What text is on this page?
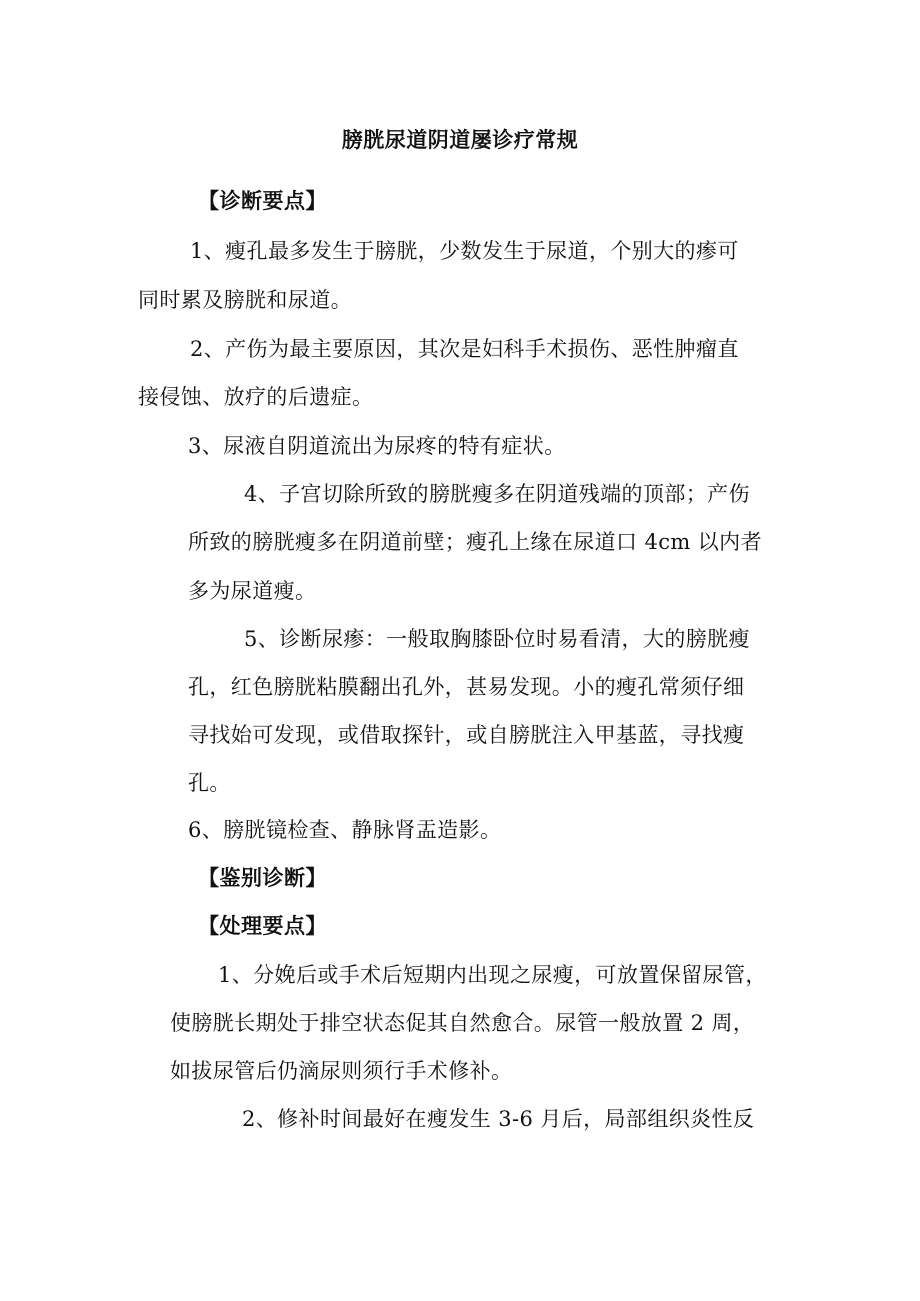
膀胱尿道阴道屡诊疗常规
【诊断要点】
1、瘦孔最多发生于膀胱，少数发生于尿道，个别大的瘆可
同时累及膀胱和尿道。
2、产伤为最主要原因，其次是妇科手术损伤、恶性肿瘤直
接侵蚀、放疗的后遗症。
3、尿液自阴道流出为尿疼的特有症状。
4、子宫切除所致的膀胱瘦多在阴道残端的顶部；产伤
所致的膀胱瘦多在阴道前壁；瘦孔上缘在尿道口 4cm 以内者
多为尿道瘦。
5、诊断尿瘆：一般取胸膝卧位时易看清，大的膀胱瘦
孔，红色膀胱粘膜翻出孔外，甚易发现。小的瘦孔常须仔细
寻找始可发现，或借取探针，或自膀胱注入甲基蓝，寻找瘦
孔。
6、膀胱镜检查、静脉肾盂造影。
【鉴别诊断】
【处理要点】
1、分娩后或手术后短期内出现之尿瘦，可放置保留尿管，
使膀胱长期处于排空状态促其自然愈合。尿管一般放置 2 周，
如拔尿管后仍滴尿则须行手术修补。
2、修补时间最好在瘦发生 3-6 月后，局部组织炎性反
